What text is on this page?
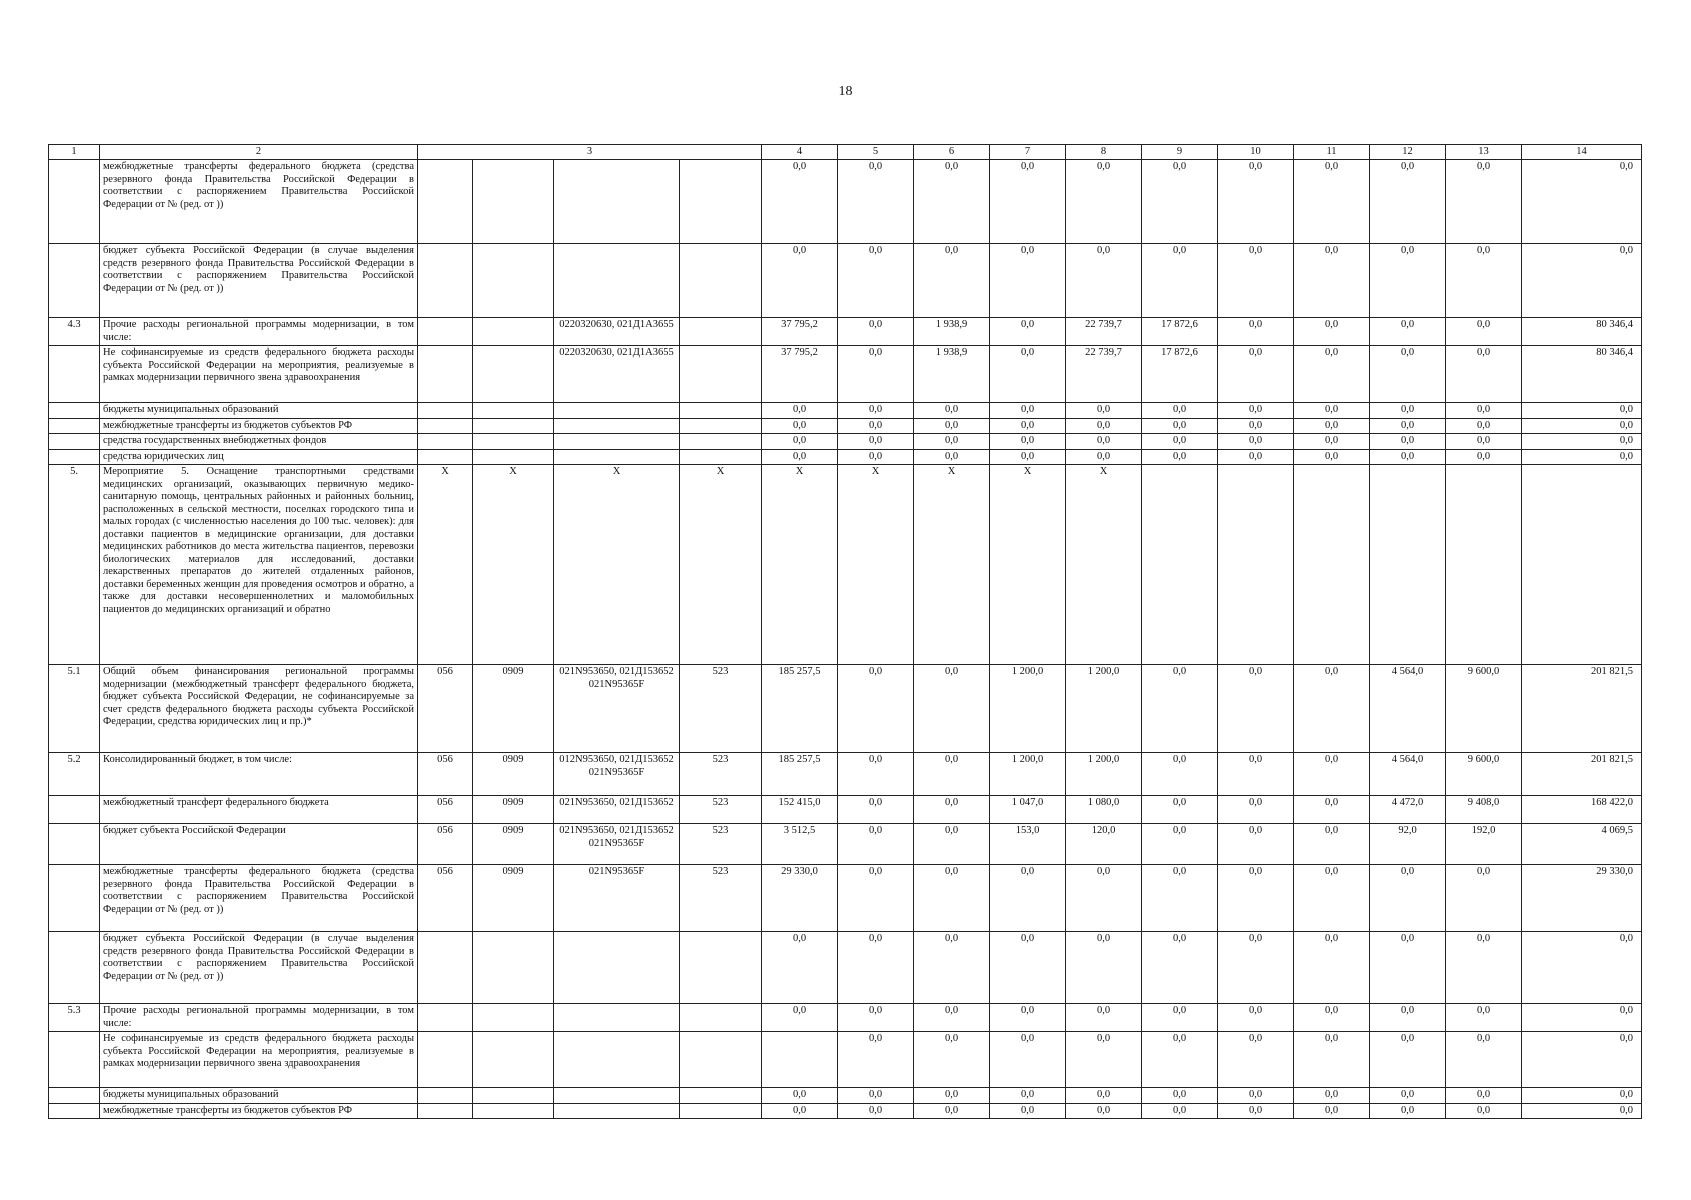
18
1	2	3				4	5	6	7	8	9	10	11	12	13	14
	межбюджетные трансферты федерального бюджета (средства резервного фонда Правительства Российской Федерации в соответствии с распоряжением Правительства Российской Федерации от № (ред. от ))					0,0	0,0	0,0	0,0	0,0	0,0	0,0	0,0	0,0	0,0	0,0
	бюджет субъекта Российской Федерации (в случае выделения средств резервного фонда Правительства Российской Федерации в соответствии с распоряжением Правительства Российской Федерации от № (ред. от ))					0,0	0,0	0,0	0,0	0,0	0,0	0,0	0,0	0,0	0,0	0,0
4.3	Прочие расходы региональной программы модернизации, в том числе:			0220320630, 021Д1А3655		37 795,2	0,0	1 938,9	0,0	22 739,7	17 872,6	0,0	0,0	0,0	0,0	80 346,4
	Не софинансируемые из средств федерального бюджета расходы субъекта Российской Федерации на мероприятия, реализуемые в рамках модернизации первичного звена здравоохранения			0220320630, 021Д1А3655		37 795,2	0,0	1 938,9	0,0	22 739,7	17 872,6	0,0	0,0	0,0	0,0	80 346,4
	бюджеты муниципальных образований					0,0	0,0	0,0	0,0	0,0	0,0	0,0	0,0	0,0	0,0	0,0
	межбюджетные трансферты из бюджетов субъектов РФ					0,0	0,0	0,0	0,0	0,0	0,0	0,0	0,0	0,0	0,0	0,0
	средства государственных внебюджетных фондов					0,0	0,0	0,0	0,0	0,0	0,0	0,0	0,0	0,0	0,0	0,0
	средства юридических лиц					0,0	0,0	0,0	0,0	0,0	0,0	0,0	0,0	0,0	0,0	0,0
5.	Мероприятие 5. Оснащение транспортными средствами медицинских организаций, оказывающих первичную медико-санитарную помощь, центральных районных и районных больниц, расположенных в сельской местности, поселках городского типа и малых городах (с численностью населения до 100 тыс. человек): для доставки пациентов в медицинские организации, для доставки медицинских работников до места жительства пациентов, перевозки биологических материалов для исследований, доставки лекарственных препаратов до жителей отдаленных районов, доставки беременных женщин для проведения осмотров и обратно, а также для доставки несовершеннолетних и маломобильных пациентов до медицинских организаций и обратно	Х	Х	Х	Х	Х	Х	Х	Х	Х						
5.1	Общий объем финансирования региональной программы модернизации (межбюджетный трансферт федерального бюджета, бюджет субъекта Российской Федерации, не софинансируемые за счет средств федерального бюджета расходы субъекта Российской Федерации, средства юридических лиц и пр.)*	056	0909	021N953650, 021Д153652 021N95365F	523	185 257,5	0,0	0,0	1 200,0	1 200,0	0,0	0,0	0,0	4 564,0	9 600,0	201 821,5
5.2	Консолидированный бюджет, в том числе:	056	0909	012N953650, 021Д153652 021N95365F	523	185 257,5	0,0	0,0	1 200,0	1 200,0	0,0	0,0	0,0	4 564,0	9 600,0	201 821,5
	межбюджетный трансферт федерального бюджета	056	0909	021N953650, 021Д153652	523	152 415,0	0,0	0,0	1 047,0	1 080,0	0,0	0,0	0,0	4 472,0	9 408,0	168 422,0
	бюджет субъекта Российской Федерации	056	0909	021N953650, 021Д153652 021N95365F	523	3 512,5	0,0	0,0	153,0	120,0	0,0	0,0	0,0	92,0	192,0	4 069,5
	межбюджетные трансферты федерального бюджета (средства резервного фонда Правительства Российской Федерации в соответствии с распоряжением Правительства Российской Федерации от № (ред. от ))	056	0909	021N95365F	523	29 330,0	0,0	0,0	0,0	0,0	0,0	0,0	0,0	0,0	0,0	29 330,0
	бюджет субъекта Российской Федерации (в случае выделения средств резервного фонда Правительства Российской Федерации в соответствии с распоряжением Правительства Российской Федерации от № (ред. от ))					0,0	0,0	0,0	0,0	0,0	0,0	0,0	0,0	0,0	0,0	0,0
5.3	Прочие расходы региональной программы модернизации, в том числе:					0,0	0,0	0,0	0,0	0,0	0,0	0,0	0,0	0,0	0,0	0,0
	Не софинансируемые из средств федерального бюджета расходы субъекта Российской Федерации на мероприятия, реализуемые в рамках модернизации первичного звена здравоохранения						0,0	0,0	0,0	0,0	0,0	0,0	0,0	0,0	0,0	0,0
	бюджеты муниципальных образований					0,0	0,0	0,0	0,0	0,0	0,0	0,0	0,0	0,0	0,0	0,0
	межбюджетные трансферты из бюджетов субъектов РФ					0,0	0,0	0,0	0,0	0,0	0,0	0,0	0,0	0,0	0,0	0,0
